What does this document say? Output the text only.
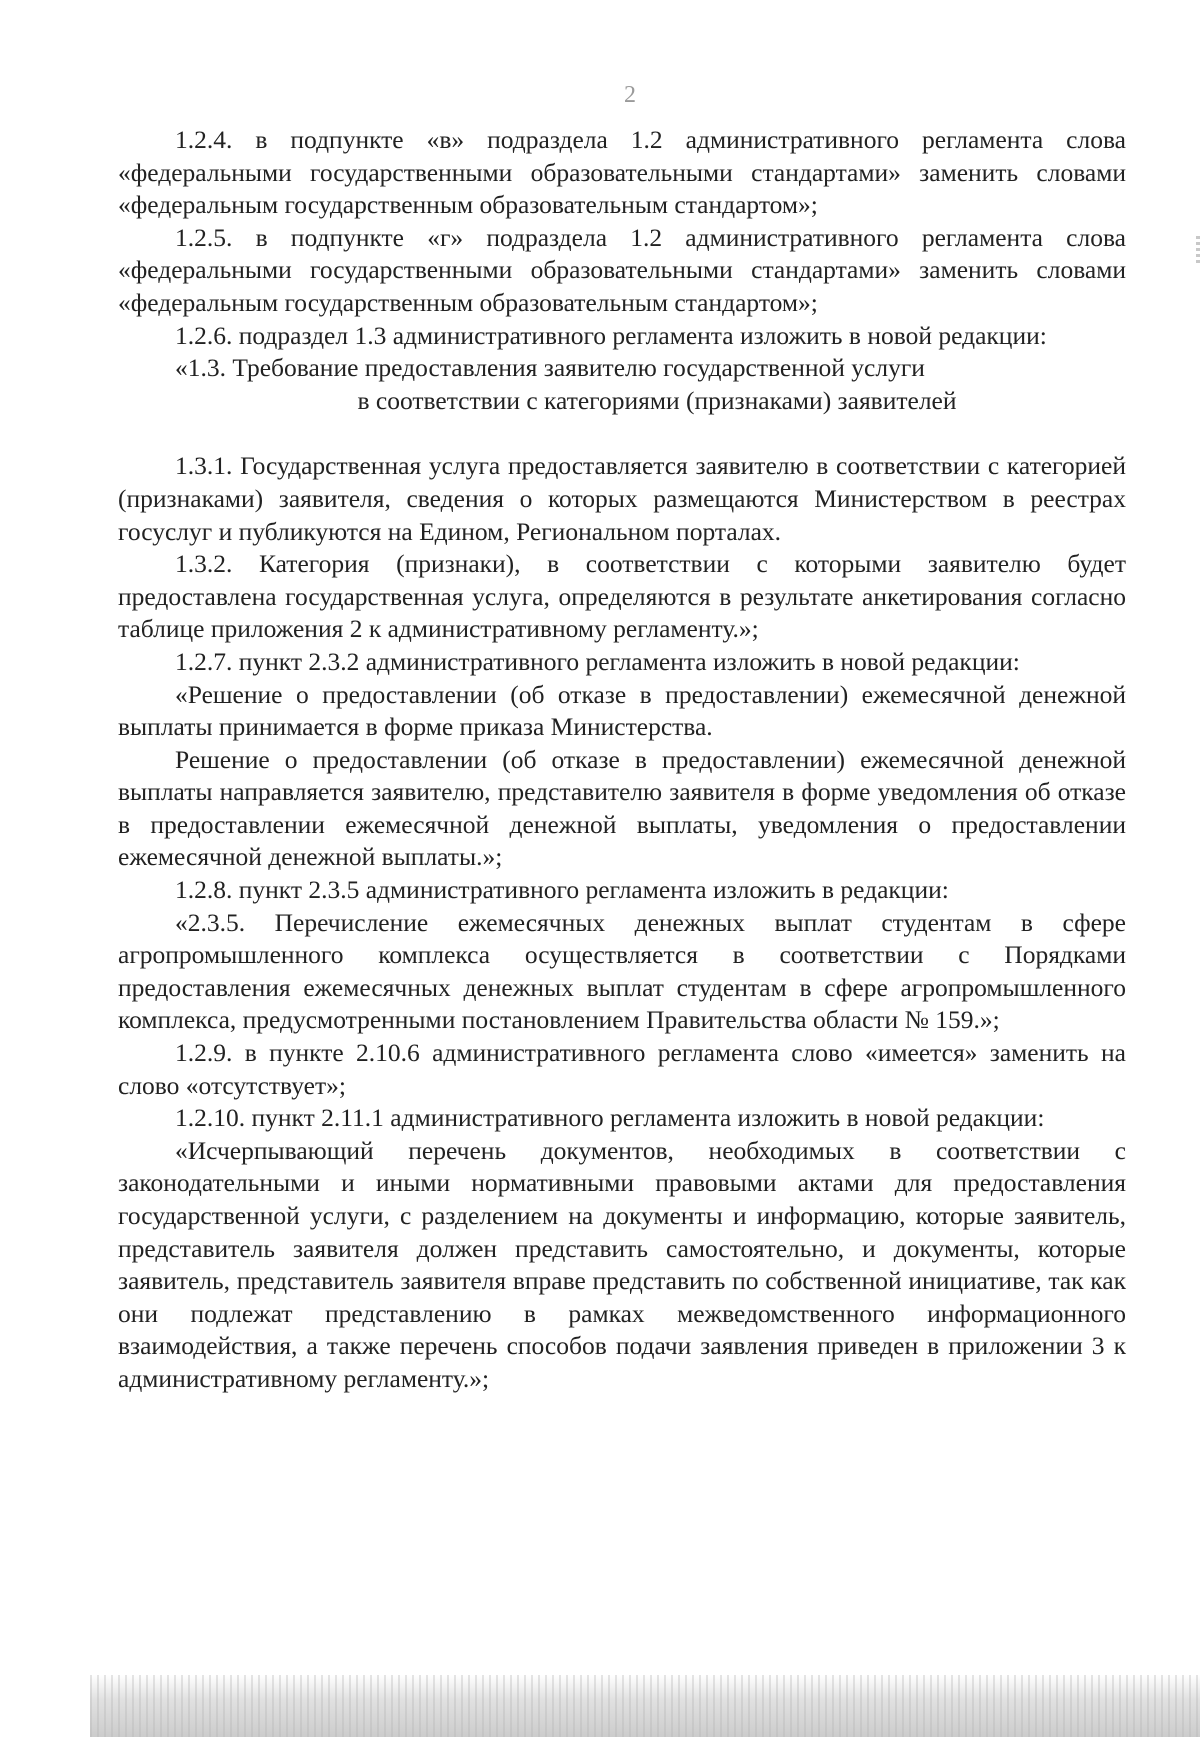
2

1.2.4. в подпункте «в» подраздела 1.2 административного регламента слова «федеральными государственными образовательными стандартами» заменить словами «федеральным государственным образовательным стандартом»;

1.2.5. в подпункте «г» подраздела 1.2 административного регламента слова «федеральными государственными образовательными стандартами» заменить словами «федеральным государственным образовательным стандартом»;

1.2.6. подраздел 1.3 административного регламента изложить в новой редакции:

«1.3. Требование предоставления заявителю государственной услуги
в соответствии с категориями (признаками) заявителей

1.3.1. Государственная услуга предоставляется заявителю в соответствии с категорией (признаками) заявителя, сведения о которых размещаются Министерством в реестрах госуслуг и публикуются на Едином, Региональном порталах.

1.3.2. Категория (признаки), в соответствии с которыми заявителю будет предоставлена государственная услуга, определяются в результате анкетирования согласно таблице приложения 2 к административному регламенту.»;

1.2.7. пункт 2.3.2 административного регламента изложить в новой редакции:

«Решение о предоставлении (об отказе в предоставлении) ежемесячной денежной выплаты принимается в форме приказа Министерства.

Решение о предоставлении (об отказе в предоставлении) ежемесячной денежной выплаты направляется заявителю, представителю заявителя в форме уведомления об отказе в предоставлении ежемесячной денежной выплаты, уведомления о предоставлении ежемесячной денежной выплаты.»;

1.2.8. пункт 2.3.5 административного регламента изложить в редакции:

«2.3.5. Перечисление ежемесячных денежных выплат студентам в сфере агропромышленного комплекса осуществляется в соответствии с Порядками предоставления ежемесячных денежных выплат студентам в сфере агропромышленного комплекса, предусмотренными постановлением Правительства области № 159.»;

1.2.9. в пункте 2.10.6 административного регламента слово «имеется» заменить на слово «отсутствует»;

1.2.10. пункт 2.11.1 административного регламента изложить в новой редакции:

«Исчерпывающий перечень документов, необходимых в соответствии с законодательными и иными нормативными правовыми актами для предоставления государственной услуги, с разделением на документы и информацию, которые заявитель, представитель заявителя должен представить самостоятельно, и документы, которые заявитель, представитель заявителя вправе представить по собственной инициативе, так как они подлежат представлению в рамках межведомственного информационного взаимодействия, а также перечень способов подачи заявления приведен в приложении 3 к административному регламенту.»;
